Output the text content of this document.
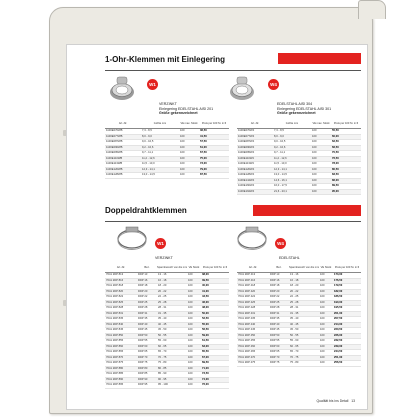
1-Ohr-Klemmen mit Einlegering
W1
VERZINKT
Einlegering EDELSTAHL AISI 201
Größe gekennzeichnet
W4
EDELSTAHL AISI 304
Einlegering EDELSTAHL AISI 301
Größe gekennzeichnet
Art.-Nr.	Größe mm	VE max. Stück	Preis per 100 St. in €
1100E070WB	7,3 - 8,5	100	36,50
1100E077WB	8,0 - 9,0	100	41,50
1100E087WB	9,0 - 10,5	100	57,50
1100E090WB	9,2 - 10,6	100	61,00
1100E095WB	9,7 - 11,1	100	67,50
1100E110WB	11,2 - 12,6	100	75,00
1100E113WB	11,5 - 13,0	100	73,00
1100E120WB	12,3 - 14,1	100	79,00
1100E128WB	13,0 - 14,5	100	87,50
Art.-Nr.	Größe mm	VE max. Stück	Preis per 100 St. in €
1100E070W4	7,3 - 8,5	100	55,50
1100E077W4	8,0 - 9,0	100	60,00
1100E087W4	9,0 - 10,5	100	62,50
1100E090W4	9,2 - 10,6	100	66,50
1100E095W4	9,7 - 11,1	100	70,50
1100E110W4	11,2 - 12,6	100	76,50
1100E113W4	11,5 - 13,0	100	78,00
1100E120W4	12,3 - 14,1	100	80,50
1100E128W4	13,0 - 14,5	100	83,50
1100E144W4	14,6 - 16,1	100	86,00
1100E160W4	16,0 - 17,5	100	89,50
1100E194W4	21,6 - 23,1	100	95,00
Doppeldrahtklemmen
W1
VERZINKT
W4
EDELSTAHL
Art.-Nr.	Bez.	Spannbereich von-bis mm	VE Stück	Preis per 100 St. in €
7041 2DP 813	DDP 13	13 - 16	100	38,00
7041 2DP 816	DDP 16	16 - 18	100	39,50
7041 2DP 818	DDP 18	18 - 20	100	40,00
7041 2DP 820	DDP 20	20 - 22	100	41,00
7041 2DP 822	DDP 22	22 - 25	100	43,50
7041 2DP 825	DDP 25	25 - 28	100	46,00
7041 2DP 828	DDP 28	28 - 31	100	48,00
7041 2DP 831	DDP 31	31 - 35	100	50,00
7041 2DP 835	DDP 35	35 - 40	100	52,50
7041 2DP 840	DDP 40	40 - 45	100	55,00
7041 2DP 845	DDP 45	45 - 50	100	56,50
7041 2DP 850	DDP 50	50 - 55	100	59,00
7041 2DP 855	DDP 55	55 - 60	100	61,50
7041 2DP 860	DDP 60	60 - 65	100	63,00
7041 2DP 865	DDP 65	65 - 70	100	65,50
7041 2DP 870	DDP 70	70 - 75	100	67,00
7041 2DP 875	DDP 75	75 - 80	100	69,50
7041 2DP 880	DDP 80	80 - 85	100	71,00
7041 2DP 885	DDP 85	85 - 90	100	73,50
7041 2DP 890	DDP 90	90 - 95	100	74,00
7041 2DP 895	DDP 95	95 - 100	100	76,00
Art.-Nr.	Bez.	Spannbereich von-bis mm	VE Stück	Preis per 100 St. in €
7041 2DP 413	DDP 13	13 - 16	100	173,00
7041 2DP 416	DDP 16	16 - 18	100	176,50
7041 2DP 418	DDP 18	18 - 20	100	179,50
7041 2DP 420	DDP 20	20 - 22	100	182,00
7041 2DP 422	DDP 22	22 - 25	100	186,50
7041 2DP 425	DDP 25	25 - 28	100	190,00
7041 2DP 428	DDP 28	28 - 31	100	195,50
7041 2DP 431	DDP 31	31 - 35	100	201,00
7041 2DP 435	DDP 35	35 - 40	100	207,50
7041 2DP 440	DDP 40	40 - 45	100	214,00
7041 2DP 445	DDP 45	45 - 50	100	220,50
7041 2DP 450	DDP 50	50 - 55	100	226,00
7041 2DP 455	DDP 55	55 - 60	100	232,50
7041 2DP 460	DDP 60	60 - 65	100	239,00
7041 2DP 465	DDP 65	65 - 70	100	244,50
7041 2DP 470	DDP 70	70 - 75	100	251,00
7041 2DP 475	DDP 75	75 - 80	100	256,50
Qualität bis ins Detail 13
